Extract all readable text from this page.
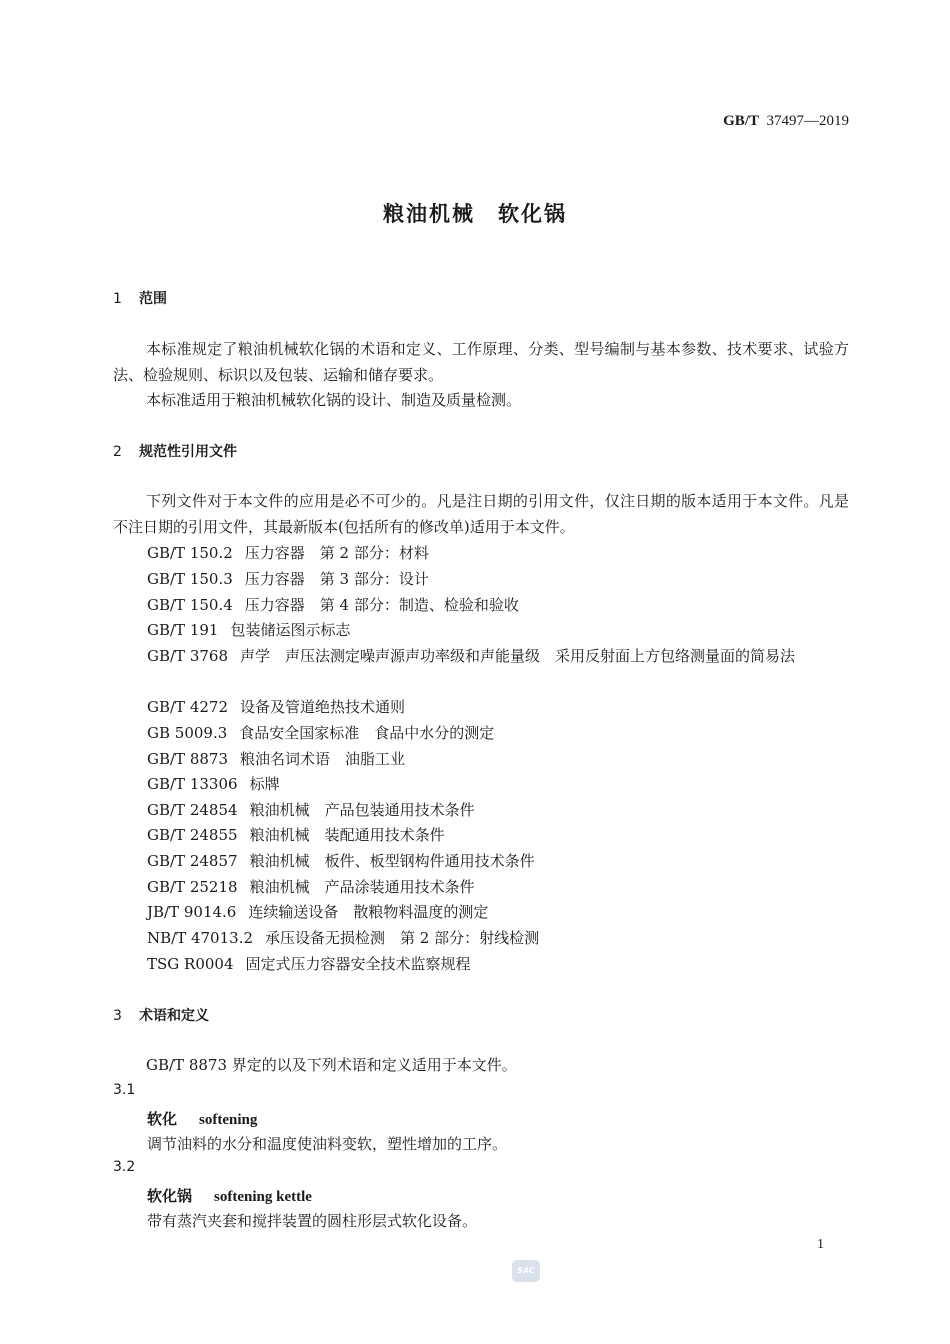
GB/T 37497—2019
粮油机械　软化锅
1 范围
本标准规定了粮油机械软化锅的术语和定义、工作原理、分类、型号编制与基本参数、技术要求、试验方法、检验规则、标识以及包装、运输和储存要求。
本标准适用于粮油机械软化锅的设计、制造及质量检测。
2 规范性引用文件
下列文件对于本文件的应用是必不可少的。凡是注日期的引用文件，仅注日期的版本适用于本文件。凡是不注日期的引用文件，其最新版本(包括所有的修改单)适用于本文件。
GB/T 150.2 压力容器　第 2 部分：材料
GB/T 150.3 压力容器　第 3 部分：设计
GB/T 150.4 压力容器　第 4 部分：制造、检验和验收
GB/T 191 包装储运图示标志
GB/T 3768 声学　声压法测定噪声源声功率级和声能量级　采用反射面上方包络测量面的简易法
GB/T 4272 设备及管道绝热技术通则
GB 5009.3 食品安全国家标准　食品中水分的测定
GB/T 8873 粮油名词术语　油脂工业
GB/T 13306 标牌
GB/T 24854 粮油机械　产品包装通用技术条件
GB/T 24855 粮油机械　装配通用技术条件
GB/T 24857 粮油机械　板件、板型钢构件通用技术条件
GB/T 25218 粮油机械　产品涂装通用技术条件
JB/T 9014.6 连续输送设备　散粮物料温度的测定
NB/T 47013.2 承压设备无损检测　第 2 部分：射线检测
TSG R0004 固定式压力容器安全技术监察规程
3 术语和定义
GB/T 8873 界定的以及下列术语和定义适用于本文件。
3.1
软化 softening
调节油料的水分和温度使油料变软，塑性增加的工序。
3.2
软化锅 softening kettle
带有蒸汽夹套和搅拌装置的圆柱形层式软化设备。
1
SAC
